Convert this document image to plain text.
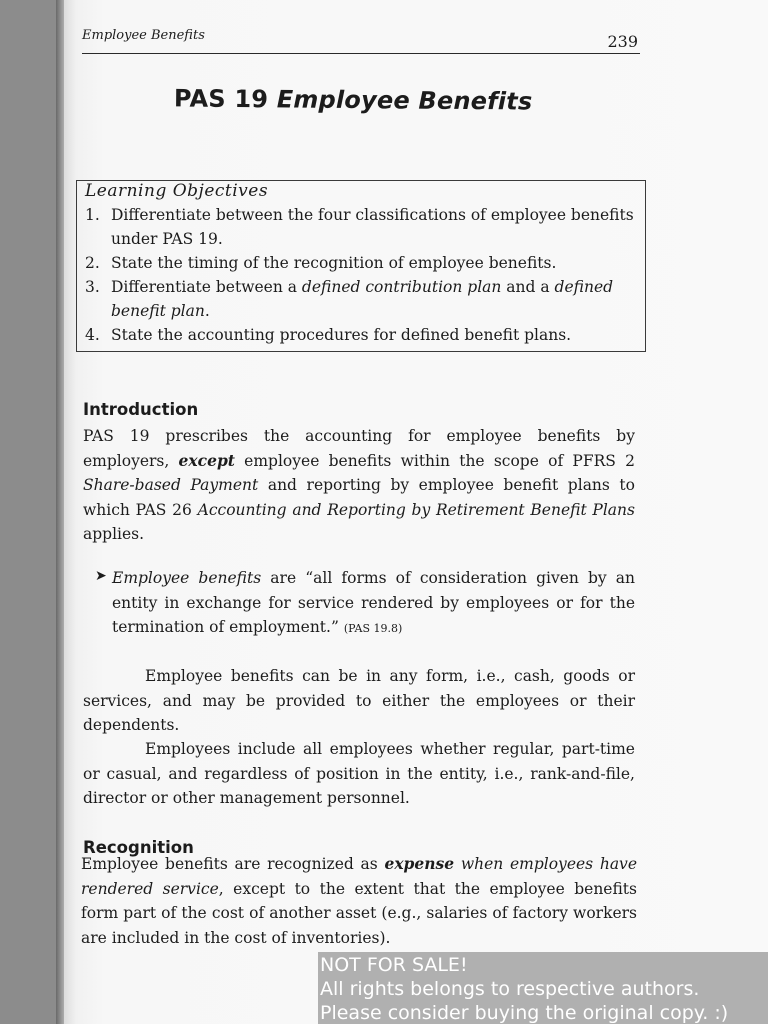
Employee Benefits	239
PAS 19 Employee Benefits
Learning Objectives
1. Differentiate between the four classifications of employee benefits under PAS 19.
2. State the timing of the recognition of employee benefits.
3. Differentiate between a defined contribution plan and a defined benefit plan.
4. State the accounting procedures for defined benefit plans.
Introduction

PAS 19 prescribes the accounting for employee benefits by employers, except employee benefits within the scope of PFRS 2 Share-based Payment and reporting by employee benefit plans to which PAS 26 Accounting and Reporting by Retirement Benefit Plans applies.

➤ Employee benefits are “all forms of consideration given by an entity in exchange for service rendered by employees or for the termination of employment.” (PAS 19.8)

Employee benefits can be in any form, i.e., cash, goods or services, and may be provided to either the employees or their dependents.

Employees include all employees whether regular, part-time or casual, and regardless of position in the entity, i.e., rank-and-file, director or other management personnel.

Recognition

Employee benefits are recognized as expense when employees have rendered service, except to the extent that the employee benefits form part of the cost of another asset (e.g., salaries of factory workers are included in the cost of inventories).

NOT FOR SALE!
All rights belongs to respective authors.
Please consider buying the original copy. :)
